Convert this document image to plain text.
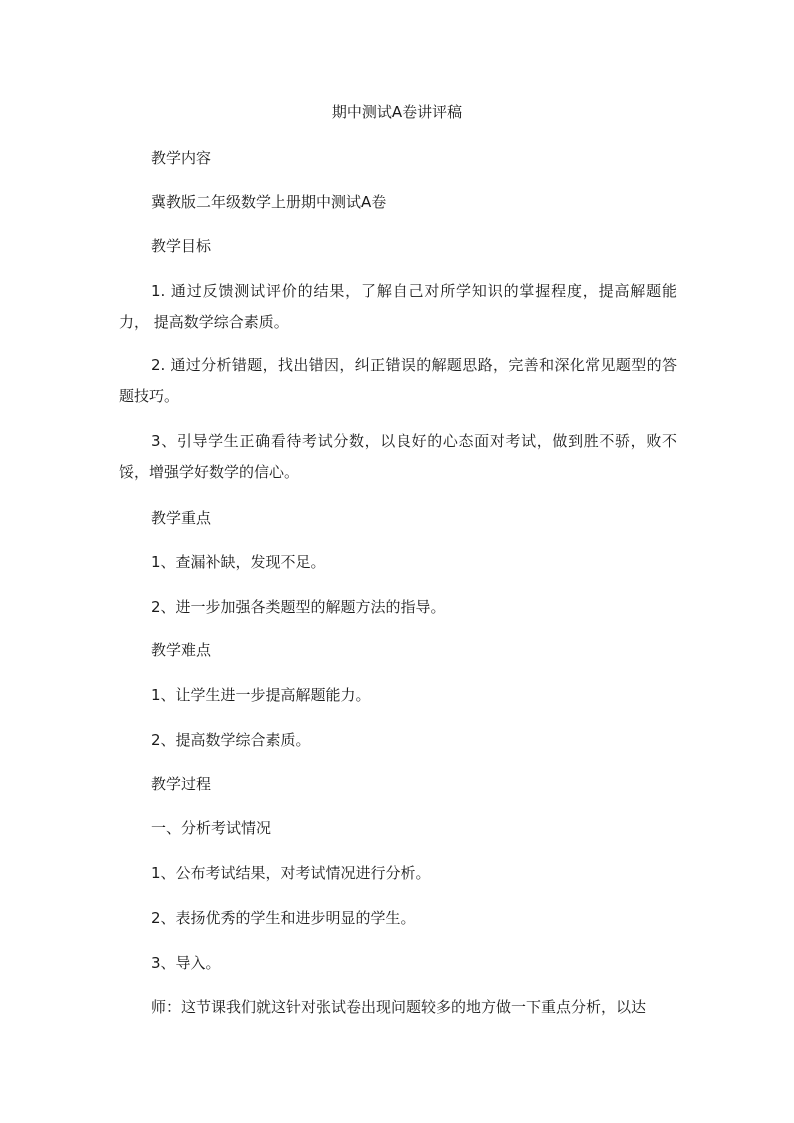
期中测试A卷讲评稿
教学内容
冀教版二年级数学上册期中测试A卷
教学目标
1. 通过反馈测试评价的结果，了解自己对所学知识的掌握程度，提高解题能力， 提高数学综合素质。
2. 通过分析错题，找出错因，纠正错误的解题思路，完善和深化常见题型的答题技巧。
3、引导学生正确看待考试分数，以良好的心态面对考试，做到胜不骄，败不馁，增强学好数学的信心。
教学重点
1、查漏补缺，发现不足。
2、进一步加强各类题型的解题方法的指导。
教学难点
1、让学生进一步提高解题能力。
2、提高数学综合素质。
教学过程
一、分析考试情况
1、公布考试结果，对考试情况进行分析。
2、表扬优秀的学生和进步明显的学生。
3、导入。
师：这节课我们就这针对张试卷出现问题较多的地方做一下重点分析，以达
